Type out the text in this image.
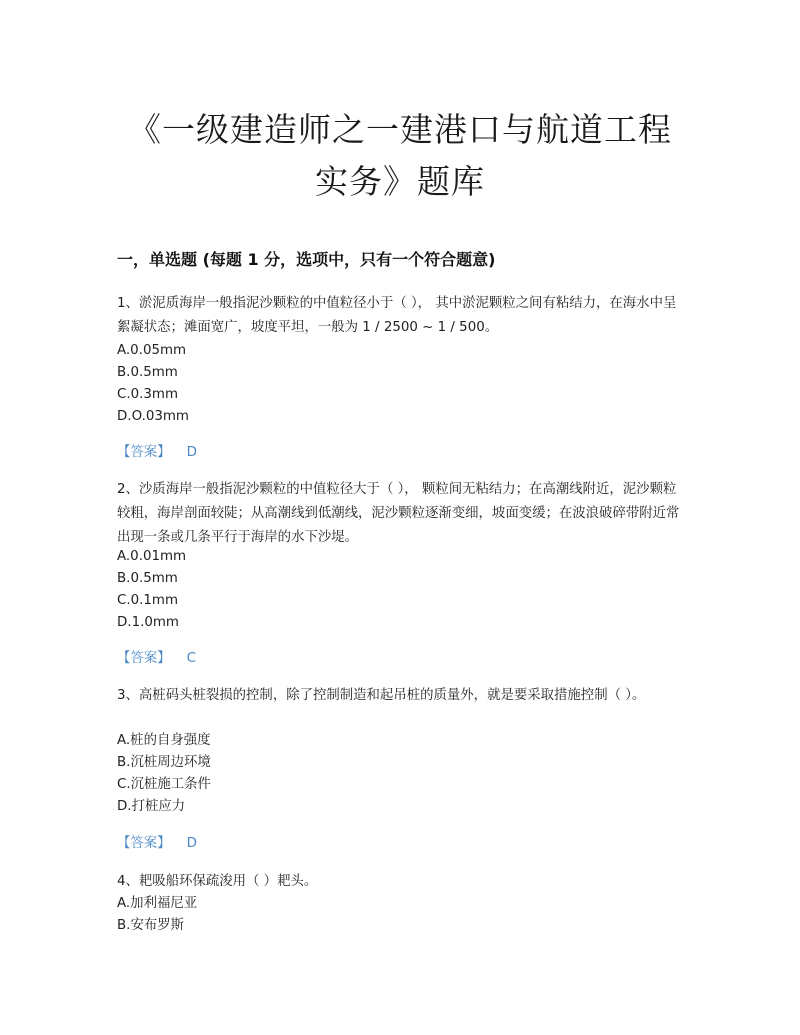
《一级建造师之一建港口与航道工程
实务》题库
一，单选题 (每题 1 分，选项中，只有一个符合题意)
1、淤泥质海岸一般指泥沙颗粒的中值粒径小于（ ）， 其中淤泥颗粒之间有粘结力，在海水中呈絮凝状态；滩面宽广，坡度平坦，一般为 1 / 2500 ~ 1 / 500。
A.0.05mm
B.0.5mm
C.0.3mm
D.O.03mm
【答案】 D
2、沙质海岸一般指泥沙颗粒的中值粒径大于（ ）， 颗粒间无粘结力；在高潮线附近，泥沙颗粒较粗，海岸剖面较陡；从高潮线到低潮线，泥沙颗粒逐渐变细，坡面变缓；在波浪破碎带附近常出现一条或几条平行于海岸的水下沙堤。
A.0.01mm
B.0.5mm
C.0.1mm
D.1.0mm
【答案】 C
3、高桩码头桩裂损的控制，除了控制制造和起吊桩的质量外，就是要采取措施控制（ ）。
A.桩的自身强度
B.沉桩周边环境
C.沉桩施工条件
D.打桩应力
【答案】 D
4、耙吸船环保疏浚用（ ）耙头。
A.加利福尼亚
B.安布罗斯
